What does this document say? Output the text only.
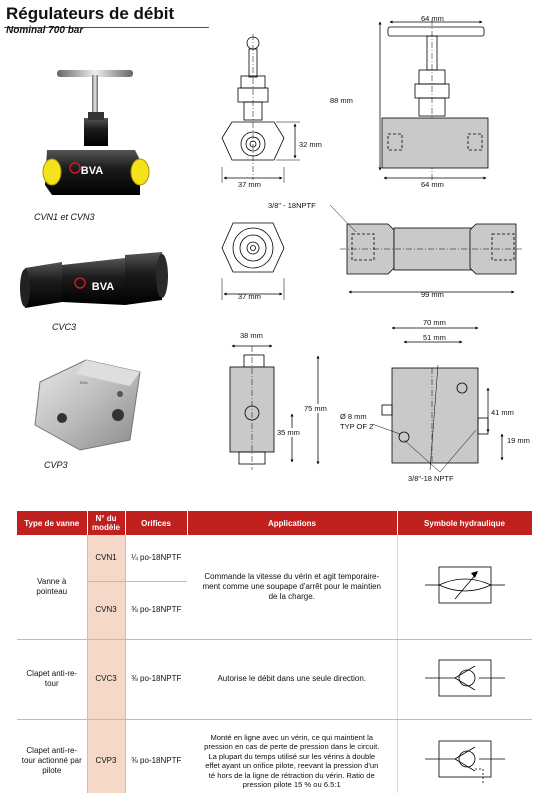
Régulateurs de débit
Nominal 700 bar
BVA
BVA
BVA
CVN1 et CVN3
CVC3
CVP3
37 mm
32 mm
64 mm
88 mm
64 mm
37 mm
3/8" - 18NPTF
99 mm
38 mm
75 mm
35 mm
70 mm
51 mm
Ø 8 mm
TYP OF 2
41 mm
19 mm
3/8"-18 NPTF
Type de vanne	N° du modèle	Orifices	Applications	Symbole hydraulique
Vanne à pointeau	CVN1	¼ po-18NPTF	Commande la vitesse du vérin et agit temporaire-ment comme une soupape d'arrêt pour le maintien de la charge.	
	CVN3	⅜ po-18NPTF		
Clapet anti-re-tour	CVC3	⅜ po-18NPTF	Autorise le débit dans une seule direction.	
Clapet anti-re-tour actionné par pilote	CVP3	⅜ po-18NPTF	Monté en ligne avec un vérin, ce qui maintient la pression en cas de perte de pression dans le circuit. La plupart du temps utilisé sur les vérins à double effet ayant un orifice pilote, reevant la pression d'un té hors de la ligne de rétraction du vérin. Ratio de pression pilote 15 % ou 6.5:1	
